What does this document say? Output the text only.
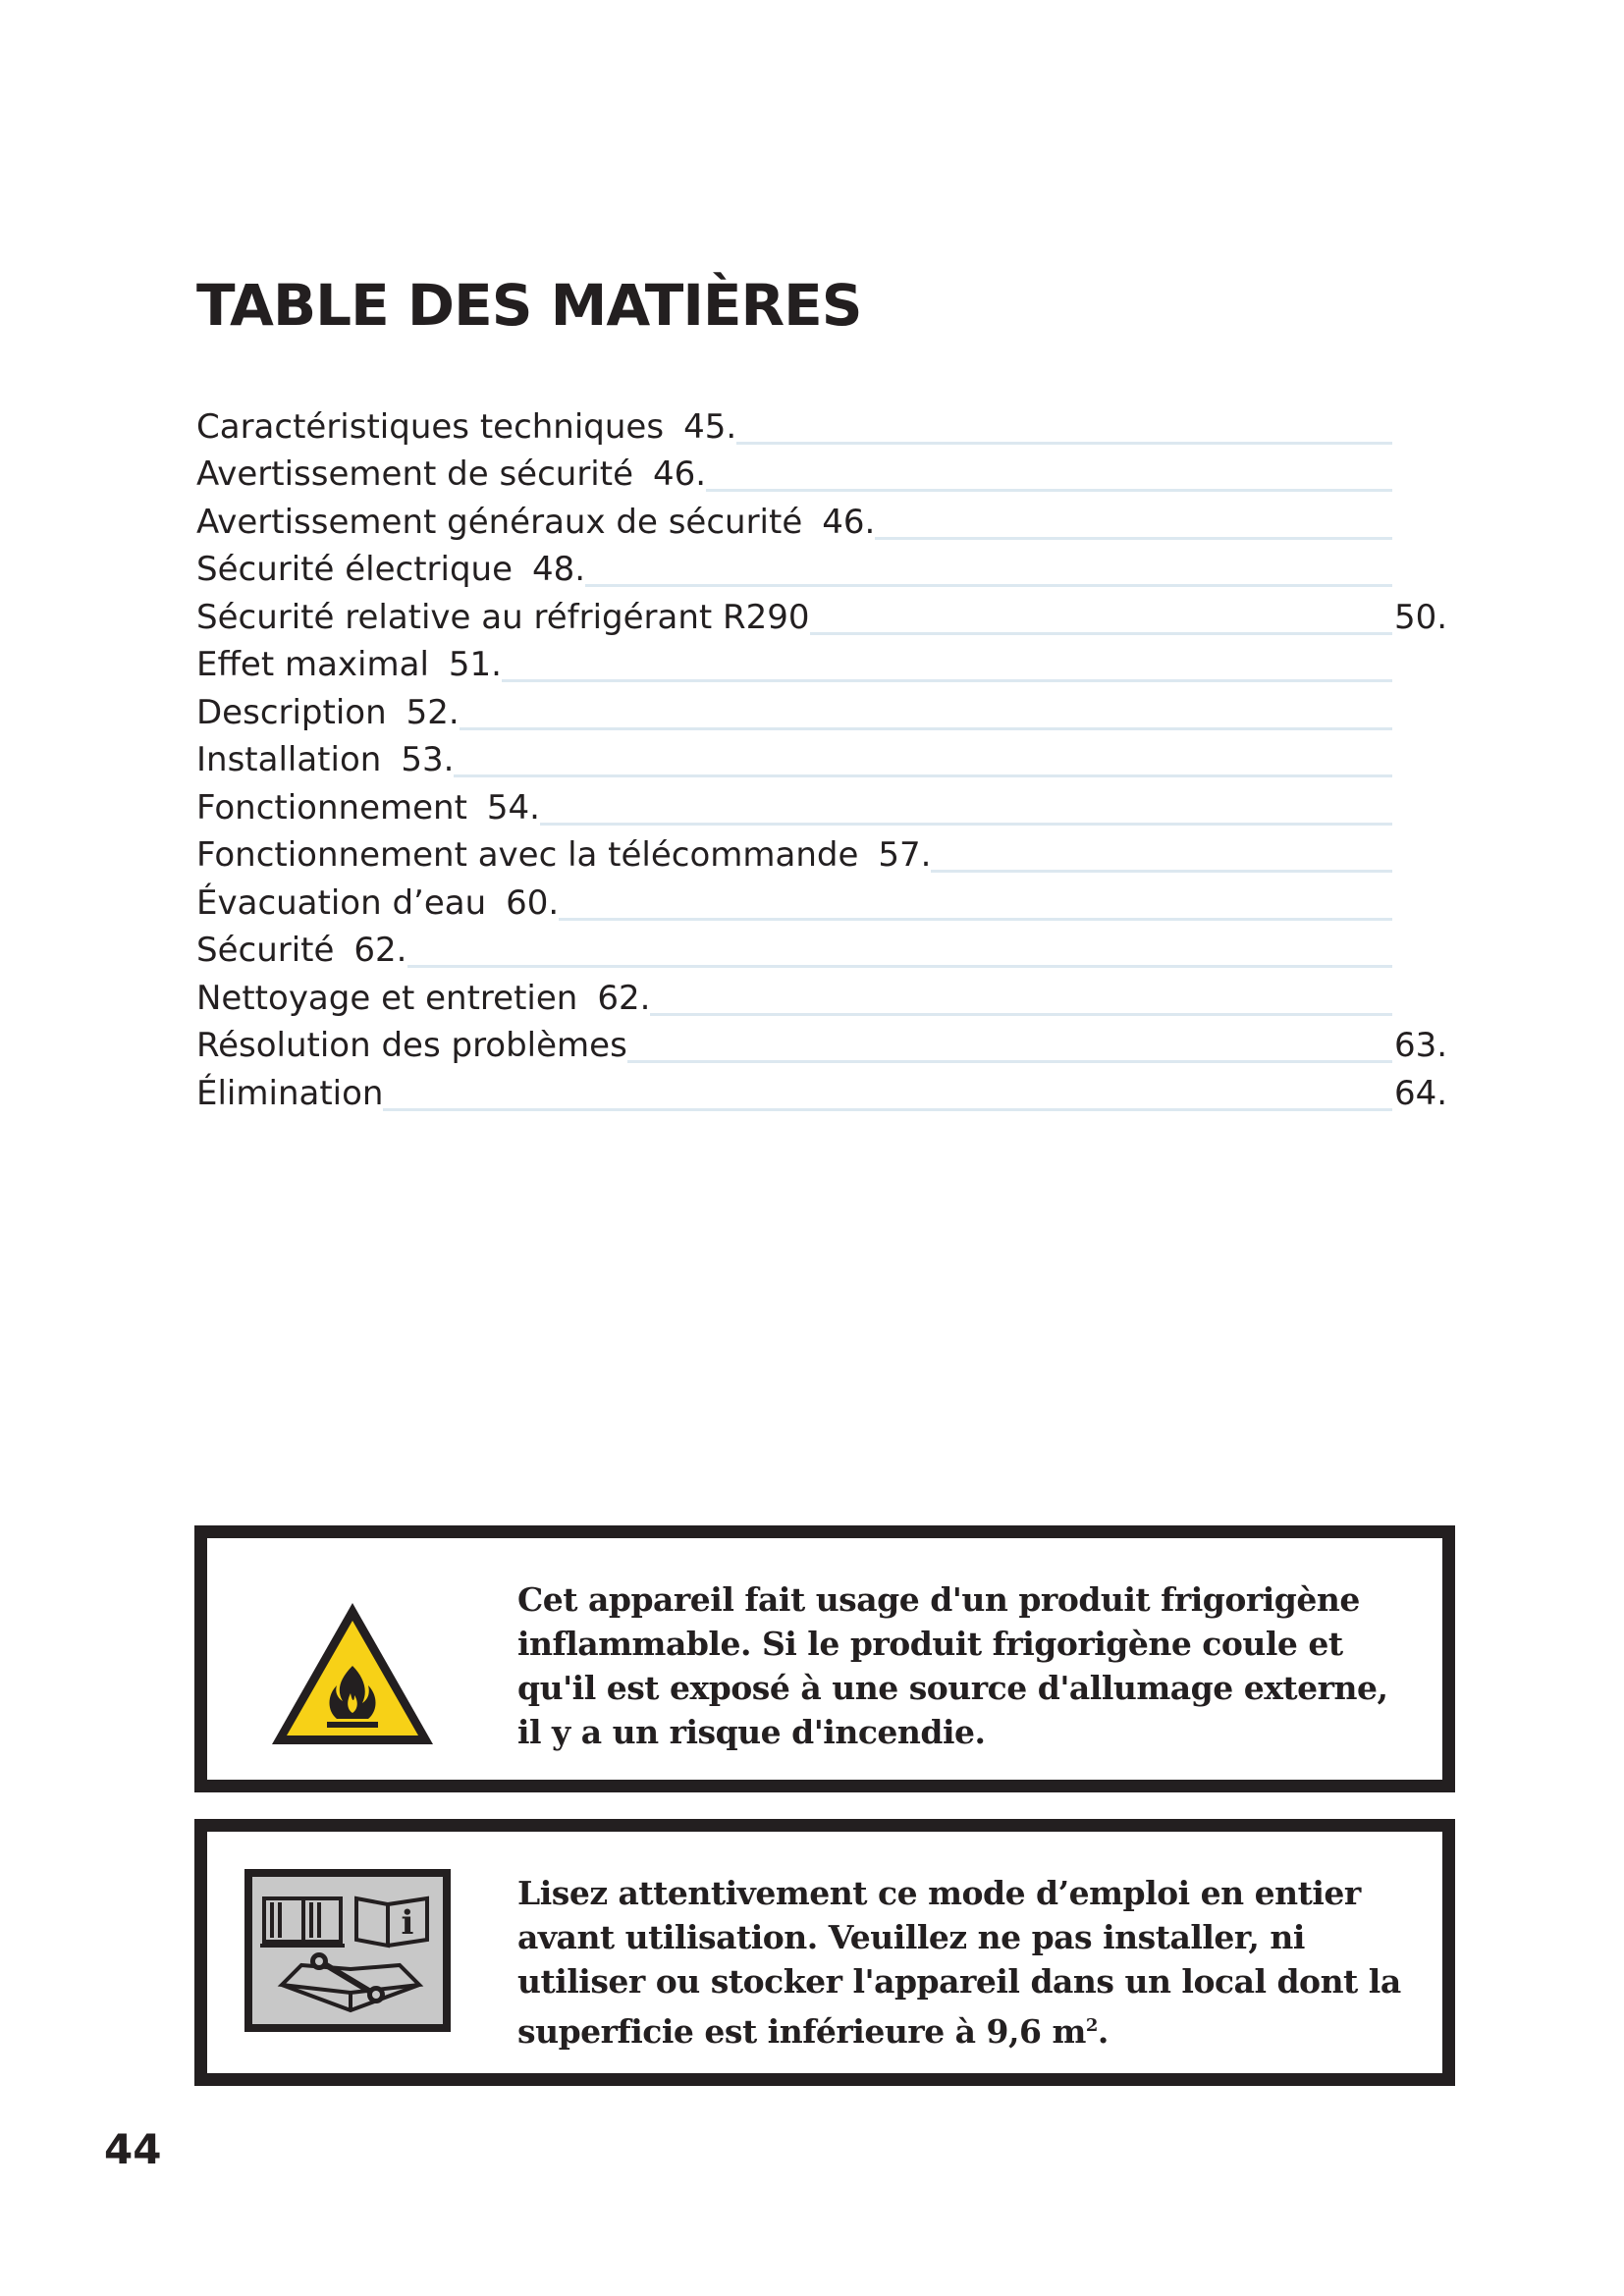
TABLE DES MATIÈRES
Caractéristiques techniques 45.
Avertissement de sécurité 46.
Avertissement généraux de sécurité 46.
Sécurité électrique 48.
Sécurité relative au réfrigérant R290	50.
Effet maximal 51.
Description 52.
Installation 53.
Fonctionnement 54.
Fonctionnement avec la télécommande 57.
Évacuation d’eau 60.
Sécurité 62.
Nettoyage et entretien 62.
Résolution des problèmes	63.
Élimination	64.

Cet appareil fait usage d'un produit frigorigène inflammable. Si le produit frigorigène coule et qu'il est exposé à une source d'allumage externe, il y a un risque d'incendie.

i

Lisez attentivement ce mode d’emploi en entier avant utilisation. Veuillez ne pas installer, ni utiliser ou stocker l'appareil dans un local dont la superficie est inférieure à 9,6 $m^2$.

44
